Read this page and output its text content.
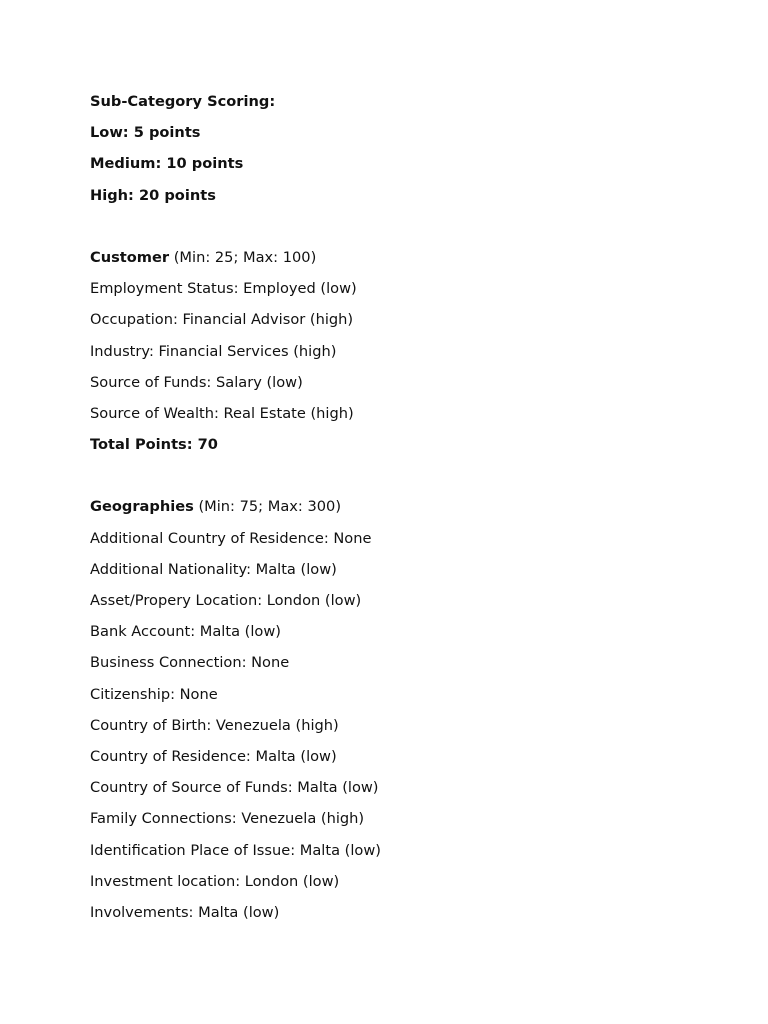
Sub-Category Scoring:
Low: 5 points
Medium: 10 points
High: 20 points
Customer (Min: 25; Max: 100)
Employment Status: Employed (low)
Occupation: Financial Advisor (high)
Industry: Financial Services (high)
Source of Funds: Salary (low)
Source of Wealth: Real Estate (high)
Total Points: 70
Geographies (Min: 75; Max: 300)
Additional Country of Residence: None
Additional Nationality: Malta (low)
Asset/Propery Location: London (low)
Bank Account: Malta (low)
Business Connection: None
Citizenship: None
Country of Birth: Venezuela (high)
Country of Residence: Malta (low)
Country of Source of Funds: Malta (low)
Family Connections: Venezuela (high)
Identification Place of Issue: Malta (low)
Investment location: London (low)
Involvements: Malta (low)
